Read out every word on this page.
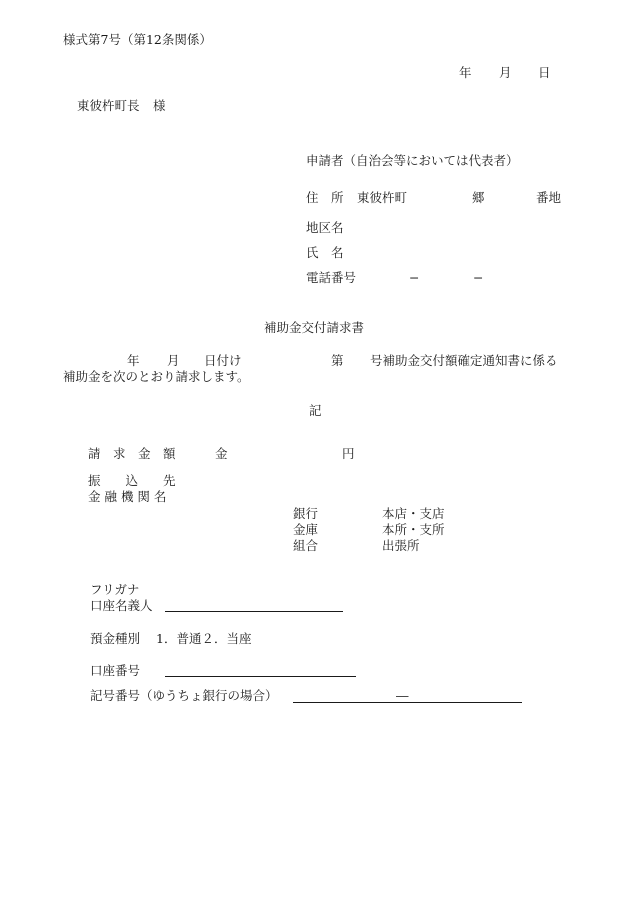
様式第7号（第12条関係）
年 月 日
東彼杵町長 様
申請者（自治会等においては代表者）
住　所 東彼杵町	郷	番地
地区名
氏　名
電話番号	−	−
補助金交付請求書
年 月 日付け	第 号補助金交付額確定通知書に係る
補助金を次のとおり請求します。
記
請　求　金　額	金	円
振　　込　　先
金 融 機 関 名
銀行	本店・支店
金庫	本所・支所
組合	出張所
フリガナ
口座名義人
預金種別 1．普通２．当座
口座番号
記号番号（ゆうちょ銀行の場合）	―
